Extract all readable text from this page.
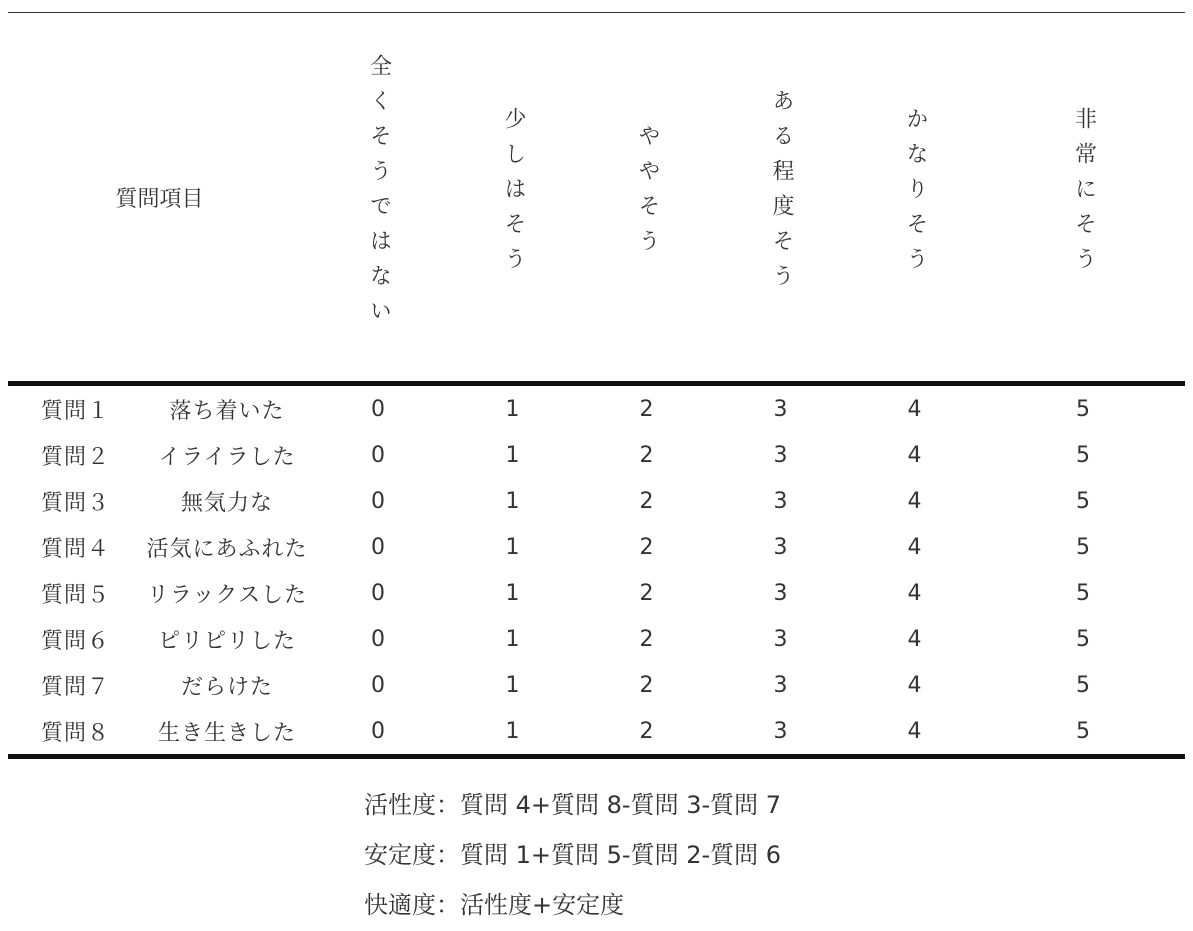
質問項目		全くそうではない	少しはそう	ややそう	ある程度そう	かなりそう	非常にそう
質問１	落ち着いた	0	1	2	3	4	5
質問２	イライラした	0	1	2	3	4	5
質問３	無気力な	0	1	2	3	4	5
質問４	活気にあふれた	0	1	2	3	4	5
質問５	リラックスした	0	1	2	3	4	5
質問６	ピリピリした	0	1	2	3	4	5
質問７	だらけた	0	1	2	3	4	5
質問８	生き生きした	0	1	2	3	4	5
活性度：質問 4+質問 8-質問 3-質問 7
安定度：質問 1+質問 5-質問 2-質問 6
快適度：活性度+安定度
